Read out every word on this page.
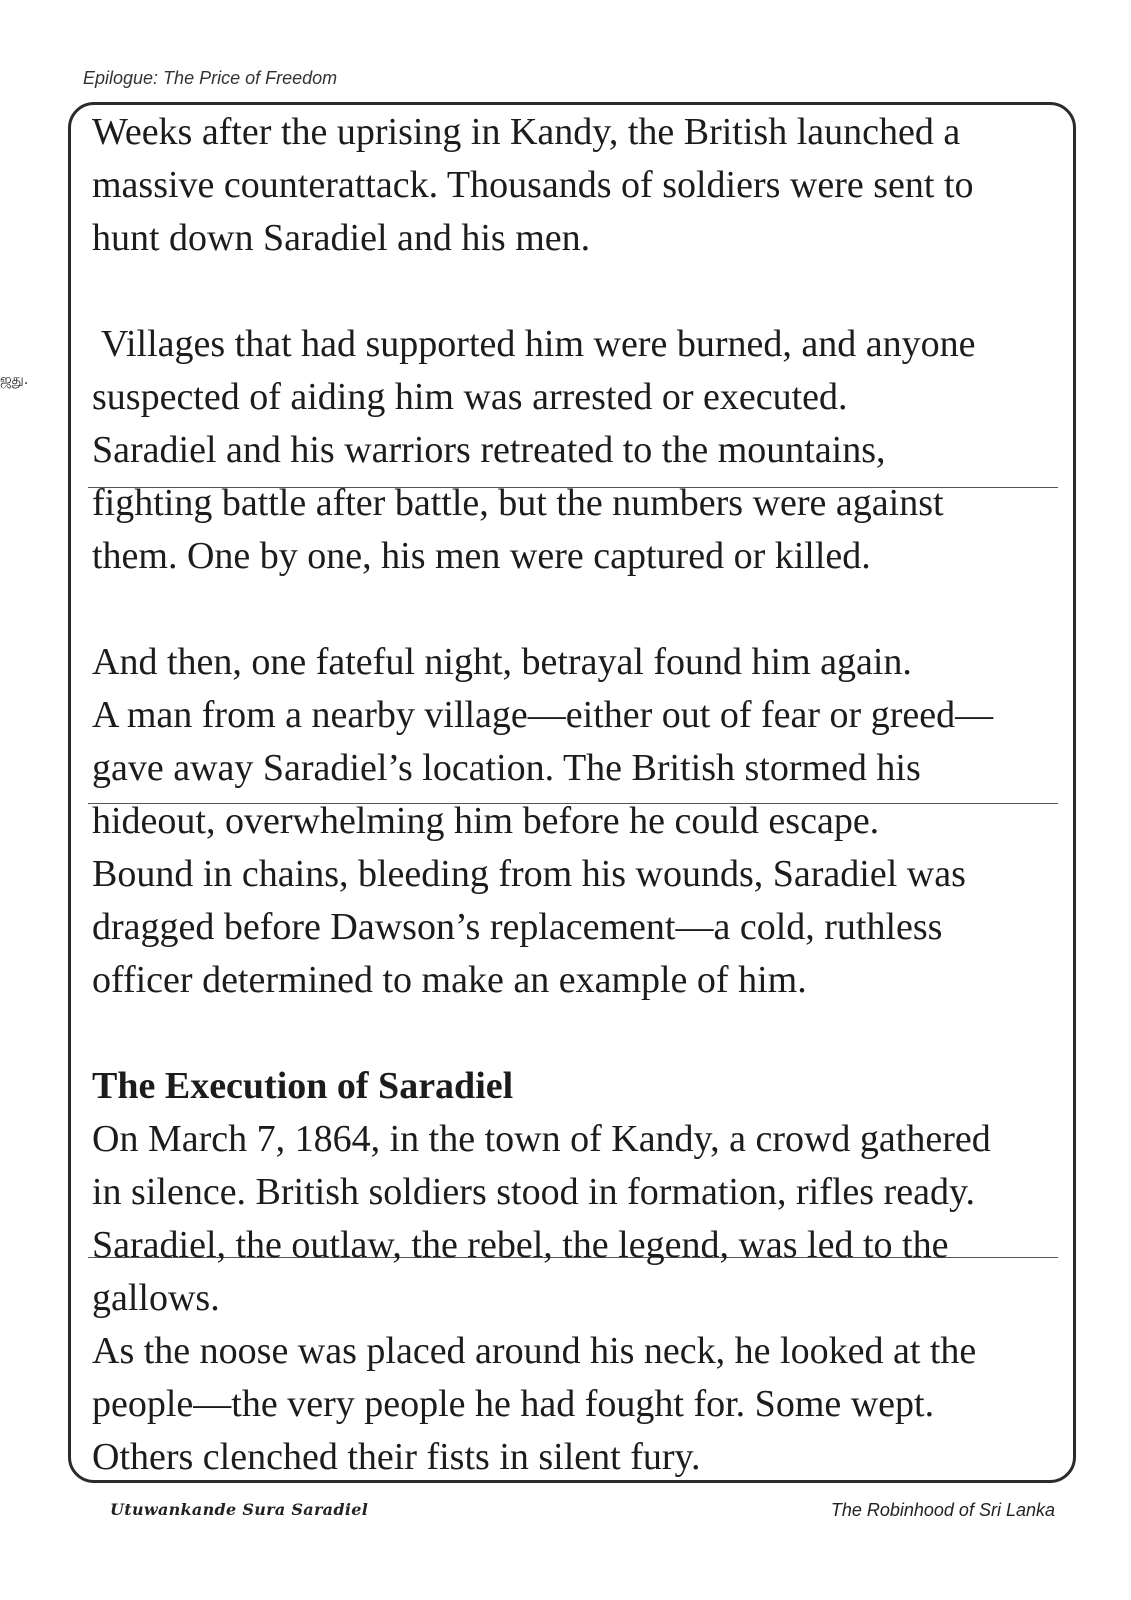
Epilogue: The Price of Freedom
ஜது.
Weeks after the uprising in Kandy, the British launched a
massive counterattack. Thousands of soldiers were sent to
hunt down Saradiel and his men.
Villages that had supported him were burned, and anyone
suspected of aiding him was arrested or executed.
Saradiel and his warriors retreated to the mountains,
fighting battle after battle, but the numbers were against
them. One by one, his men were captured or killed.
And then, one fateful night, betrayal found him again.
A man from a nearby village—either out of fear or greed—
gave away Saradiel’s location. The British stormed his
hideout, overwhelming him before he could escape.
Bound in chains, bleeding from his wounds, Saradiel was
dragged before Dawson’s replacement—a cold, ruthless
officer determined to make an example of him.
The Execution of Saradiel
On March 7, 1864, in the town of Kandy, a crowd gathered
in silence. British soldiers stood in formation, rifles ready.
Saradiel, the outlaw, the rebel, the legend, was led to the
gallows.
As the noose was placed around his neck, he looked at the
people—the very people he had fought for. Some wept.
Others clenched their fists in silent fury.
Utuwankande Sura Saradiel	The Robinhood of Sri Lanka
